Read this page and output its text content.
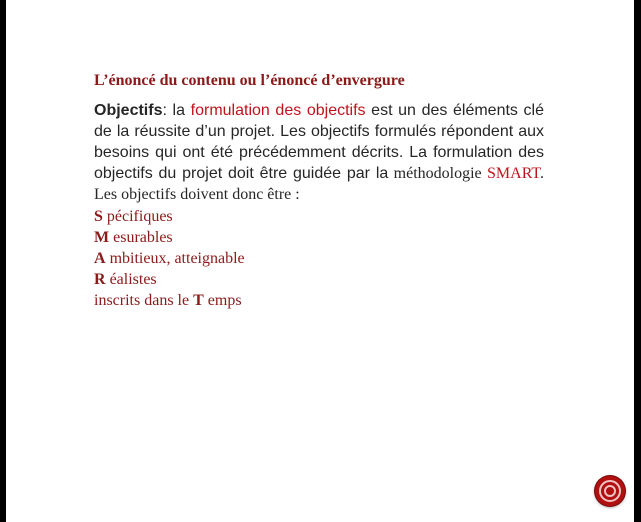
L’énoncé du contenu ou l’énoncé d’envergure

Objectifs: la formulation des objectifs est un des éléments clé de la réussite d’un projet. Les objectifs formulés répondent aux besoins qui ont été précédemment décrits. La formulation des objectifs du projet doit être guidée par la méthodologie SMART. Les objectifs doivent donc être :

S pécifiques
M esurables
A mbitieux, atteignable
R éalistes
inscrits dans le T emps
